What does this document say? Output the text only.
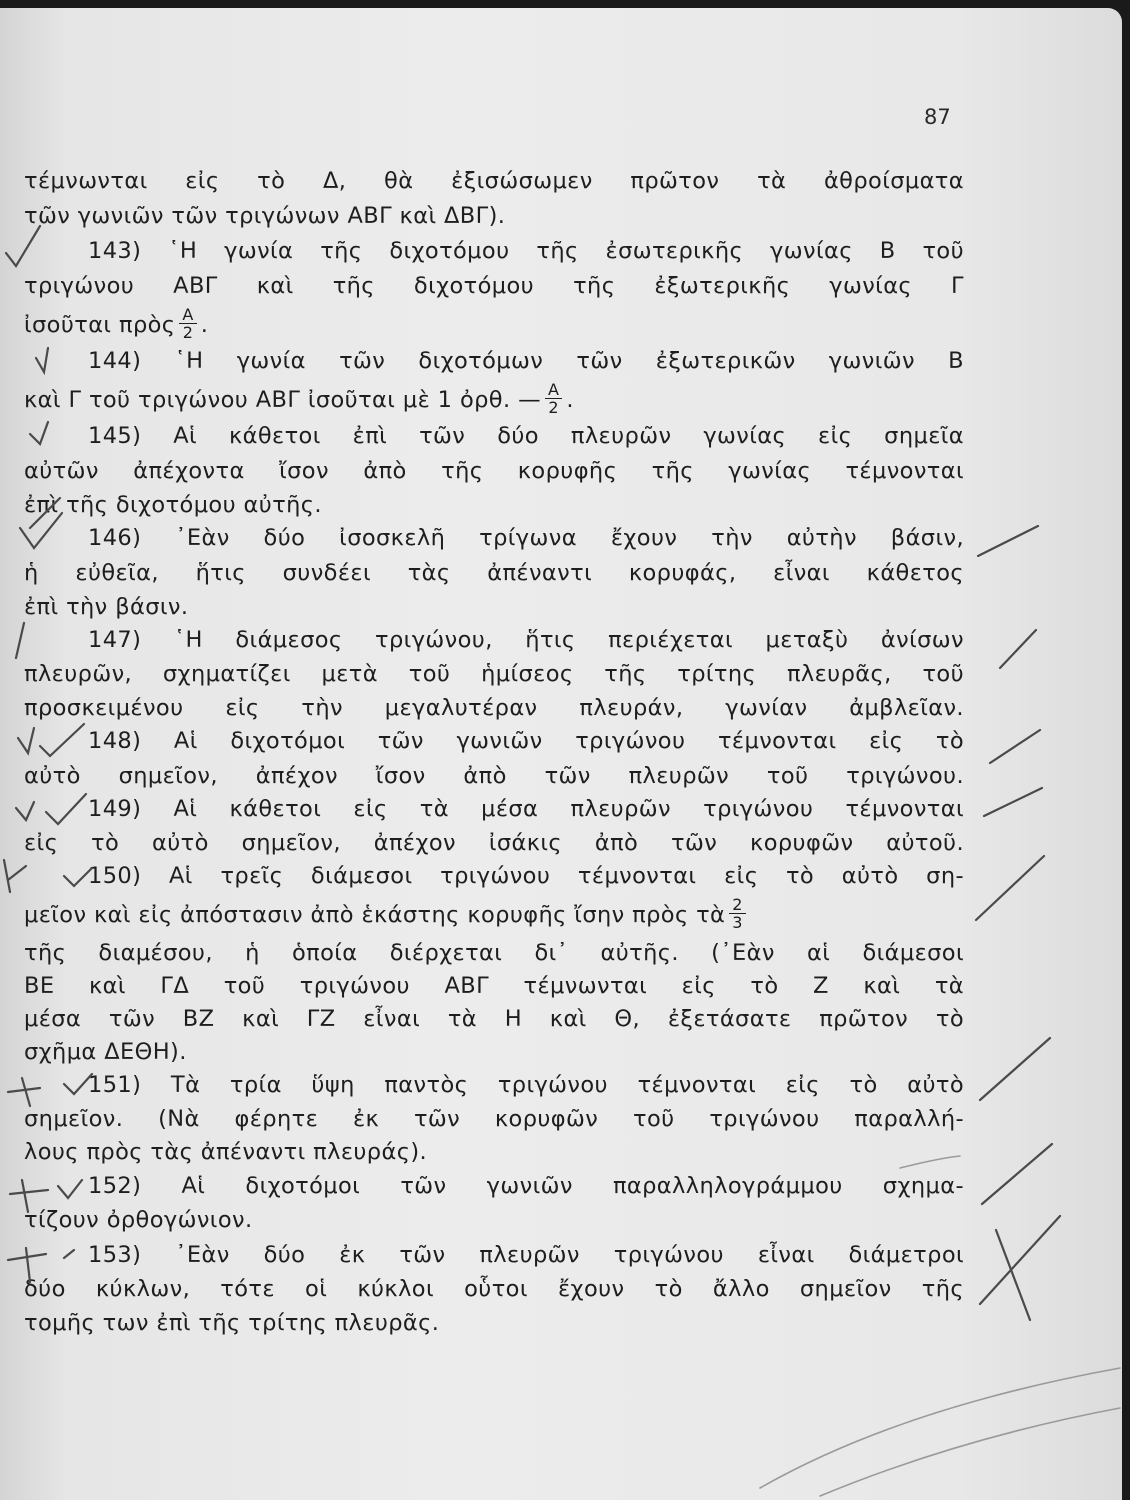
87
τέμνωνται εἰς τὸ Δ, θὰ ἐξισώσωμεν πρῶτον τὰ ἀθροίσματα
τῶν γωνιῶν τῶν τριγώνων ΑΒΓ καὶ ΔΒΓ).
143) ῾Η γωνία τῆς διχοτόμου τῆς ἐσωτερικῆς γωνίας Β τοῦ
τριγώνου ΑΒΓ καὶ τῆς διχοτόμου τῆς ἐξωτερικῆς γωνίας Γ
ἰσοῦται πρὸς $\frac{A}{2}$ .
144) ῾Η γωνία τῶν διχοτόμων τῶν ἐξωτερικῶν γωνιῶν Β
καὶ Γ τοῦ τριγώνου ΑΒΓ ἰσοῦται μὲ 1 ὀρθ. — $\frac{A}{2}$ .
145) Αἱ κάθετοι ἐπὶ τῶν δύο πλευρῶν γωνίας εἰς σημεῖα
αὐτῶν ἀπέχοντα ἴσον ἀπὸ τῆς κορυφῆς τῆς γωνίας τέμνονται
ἐπὶ τῆς διχοτόμου αὐτῆς.
146) ᾿Εὰν δύο ἰσοσκελῆ τρίγωνα ἔχουν τὴν αὐτὴν βάσιν,
ἡ εὐθεῖα, ἥτις συνδέει τὰς ἀπέναντι κορυφάς, εἶναι κάθετος
ἐπὶ τὴν βάσιν.
147) ῾Η διάμεσος τριγώνου, ἥτις περιέχεται μεταξὺ ἀνίσων
πλευρῶν, σχηματίζει μετὰ τοῦ ἡμίσεος τῆς τρίτης πλευρᾶς, τοῦ
προσκειμένου εἰς τὴν μεγαλυτέραν πλευράν, γωνίαν ἀμβλεῖαν.
148) Αἱ διχοτόμοι τῶν γωνιῶν τριγώνου τέμνονται εἰς τὸ
αὐτὸ σημεῖον, ἀπέχον ἴσον ἀπὸ τῶν πλευρῶν τοῦ τριγώνου.
149) Αἱ κάθετοι εἰς τὰ μέσα πλευρῶν τριγώνου τέμνονται
εἰς τὸ αὐτὸ σημεῖον, ἀπέχον ἰσάκις ἀπὸ τῶν κορυφῶν αὐτοῦ.
150) Αἱ τρεῖς διάμεσοι τριγώνου τέμνονται εἰς τὸ αὐτὸ ση-
μεῖον καὶ εἰς ἀπόστασιν ἀπὸ ἑκάστης κορυφῆς ἴσην πρὸς τὰ $\frac{2}{3}$
τῆς διαμέσου, ἡ ὁποία διέρχεται δι᾿ αὐτῆς. (᾿Εὰν αἱ διάμεσοι
ΒΕ καὶ ΓΔ τοῦ τριγώνου ΑΒΓ τέμνωνται εἰς τὸ Ζ καὶ τὰ
μέσα τῶν ΒΖ καὶ ΓΖ εἶναι τὰ Η καὶ Θ, ἐξετάσατε πρῶτον τὸ
σχῆμα ΔΕΘΗ).
151) Τὰ τρία ὕψη παντὸς τριγώνου τέμνονται εἰς τὸ αὐτὸ
σημεῖον. (Νὰ φέρητε ἐκ τῶν κορυφῶν τοῦ τριγώνου παραλλή-
λους πρὸς τὰς ἀπέναντι πλευράς).
152) Αἱ διχοτόμοι τῶν γωνιῶν παραλληλογράμμου σχημα-
τίζουν ὀρθογώνιον.
153) ᾿Εὰν δύο ἐκ τῶν πλευρῶν τριγώνου εἶναι διάμετροι
δύο κύκλων, τότε οἱ κύκλοι οὗτοι ἔχουν τὸ ἄλλο σημεῖον τῆς
τομῆς των ἐπὶ τῆς τρίτης πλευρᾶς.
